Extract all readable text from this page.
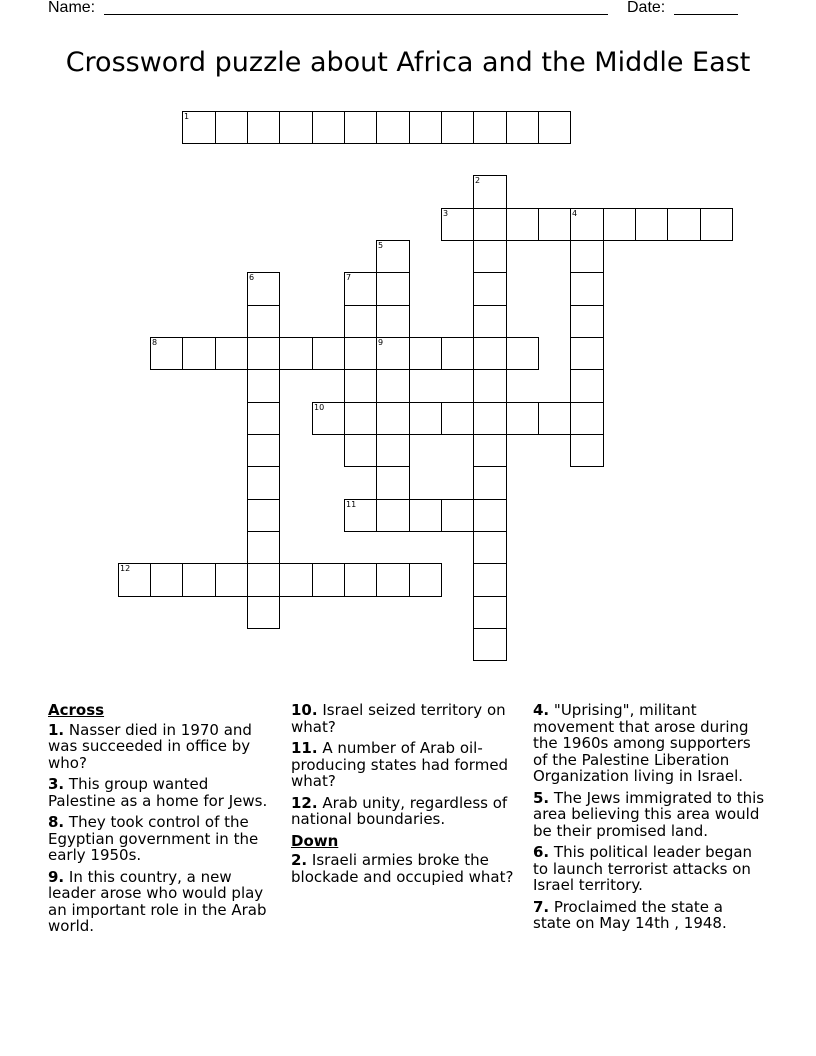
Name:	Date:
Crossword puzzle about Africa and the Middle East
1
2
3	4
5
9
6	7
8
10
11
12
Across
1. Nasser died in 1970 and was succeeded in office by who?
3. This group wanted Palestine as a home for Jews.
8. They took control of the Egyptian government in the early 1950s.
9. In this country, a new leader arose who would play an important role in the Arab world.
10. Israel seized territory on what?
11. A number of Arab oil-producing states had formed what?
12. Arab unity, regardless of national boundaries.
Down
2. Israeli armies broke the blockade and occupied what?
4. "Uprising", militant movement that arose during the 1960s among supporters of the Palestine Liberation Organization living in Israel.
5. The Jews immigrated to this area believing this area would be their promised land.
6. This political leader began to launch terrorist attacks on Israel territory.
7. Proclaimed the state a state on May 14th , 1948.
